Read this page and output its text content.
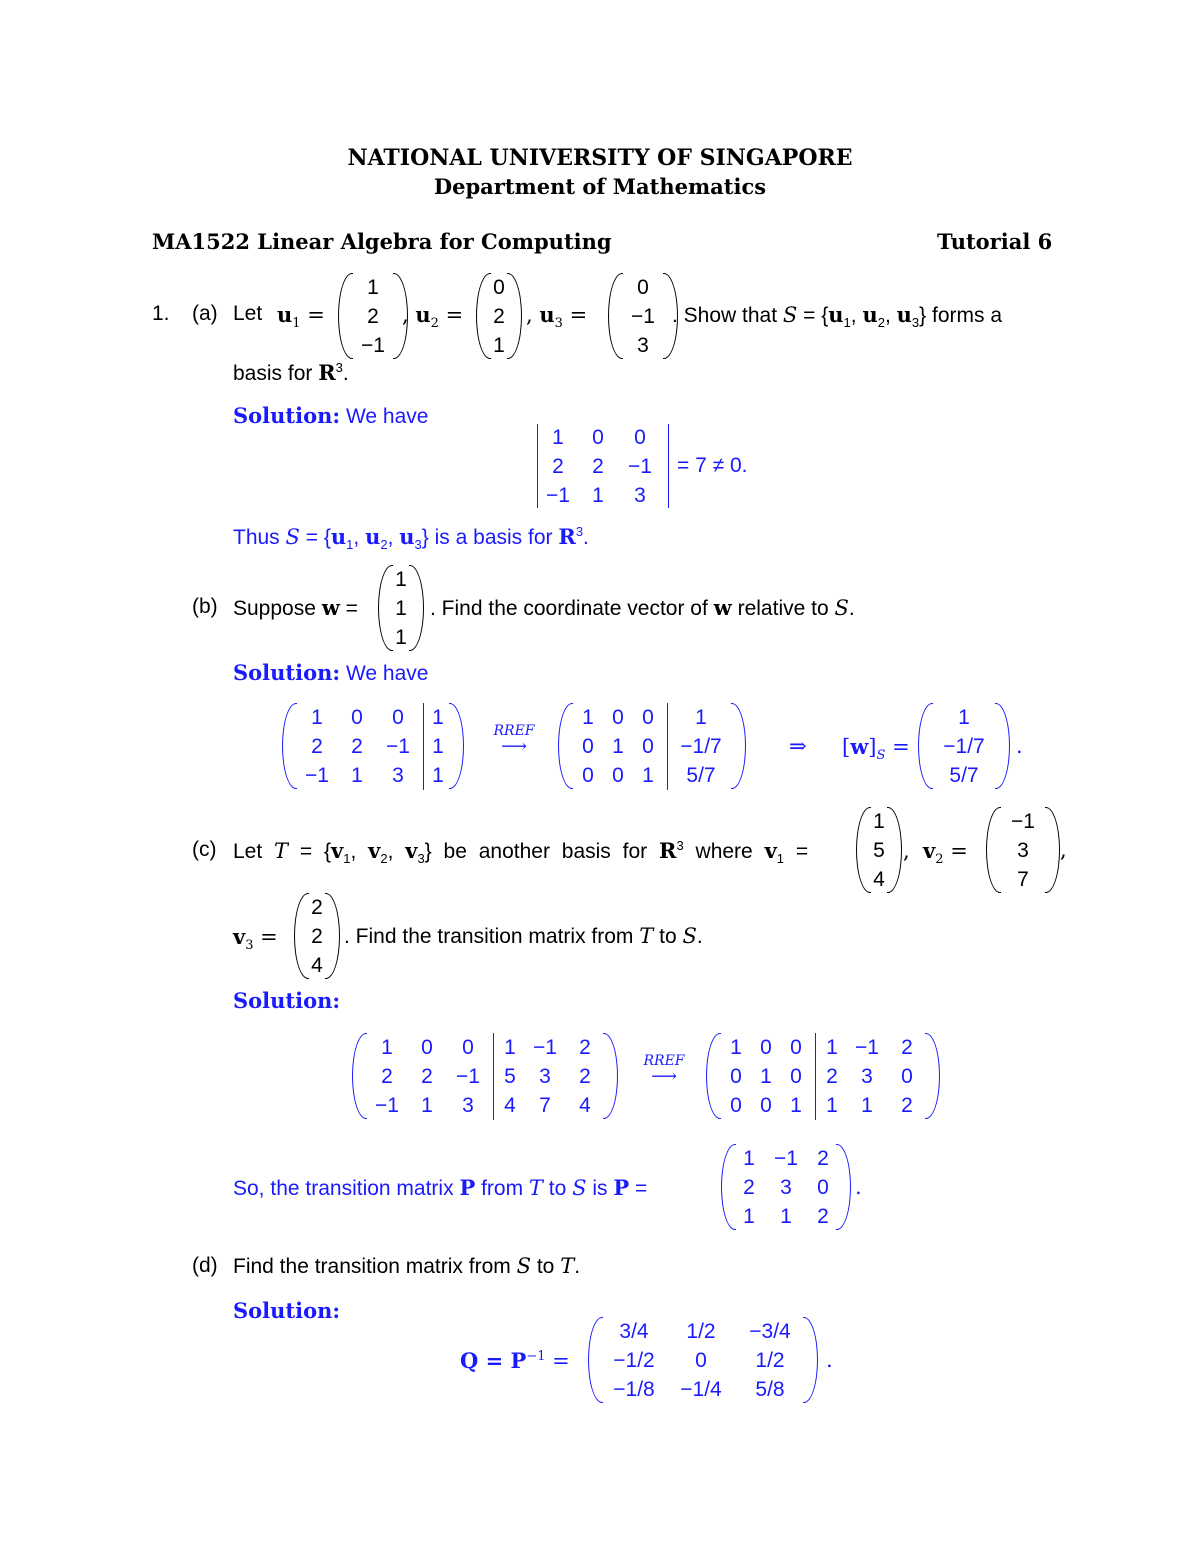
NATIONAL UNIVERSITY OF SINGAPORE
Department of Mathematics
MA1522 Linear Algebra for Computing	Tutorial 6
1. (a) Let $u_1$ =
1
2
−1
, $u_2$ =
0
2
1
, $u_3$ =
0
−1
3
. Show that $S = \{u_1$, $u_2$, $u_3$} forms a
basis for $R^3$.
Solution: We have
1 0 0
2 2 −1
−1 1 3
= 7 ≠ 0.
Thus $S = \{u_1$, $u_2$, $u_3$} is a basis for $R^3$.
(b) Suppose w =
1
1
1
. Find the coordinate vector of w relative to S.
Solution: We have
1 0 0 1
2 2 −1 1
−1 1 3 1
RREF
⟶
1 0 0 1
0 1 0 −1/7
0 0 1 5/7
⇒ $[w]_S$ =
1
−1/7
5/7
.
(c) Let $T = \{v_1$, $v_2$, $v_3$} be another basis for $R^3$ where $v_1$ =
1
5
4
,  $v_2$ =
−1
3
7
,
$v_3$ =
2
2
4
. Find the transition matrix from T to S.
Solution:
1 0 0 1 −1 2
2 2 −1 5 3 2
−1 1 3 4 7 4
RREF
⟶
1 0 0 1 −1 2
0 1 0 2 3 0
0 0 1 1 1 2
So, the transition matrix P from T to S is P =
1 −1 2
2 3 0
1 1 2
.
(d) Find the transition matrix from S to T.
Solution:
$Q = P^{-1}$ =
3/4 1/2 −3/4
−1/2 0 1/2
−1/8 −1/4 5/8
.
